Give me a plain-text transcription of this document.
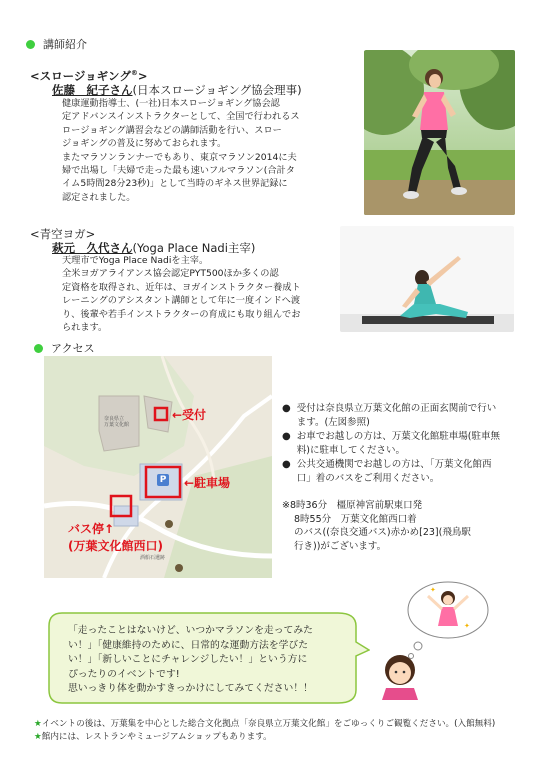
講師紹介
<スロージョギング®>
佐藤　紀子さん(日本スロージョギング協会理事)
健康運動指導士、(一社)日本スロージョギング協会認
定アドバンスインストラクターとして、全国で行われるス
ロージョギング講習会などの講師活動を行い、スロー
ジョギングの普及に努めておられます。
またマラソンランナーでもあり、東京マラソン2014に夫
婦で出場し「夫婦で走った最も速いフルマラソン(合計タ
イム5時間28分23秒)」として当時のギネス世界記録に
認定されました。
<青空ヨガ>
萩元　久代さん(Yoga Place Nadi主宰)
天理市でYoga Place Nadiを主宰。
全米ヨガアライアンス協会認定PYT500ほか多くの認
定資格を取得され、近年は、ヨガインストラクター養成ト
レーニングのアシスタント講師として年に一度インドへ渡
り、後輩や若手インストラクターの育成にも取り組んでお
られます。
アクセス
奈良県立
万葉文化館
酒船石遺跡
P
←受付
←駐車場
バス停↑
(万葉文化館西口)
● 受付は奈良県立万葉文化館の正面玄関前で行います。(左図参照)
● お車でお越しの方は、万葉文化館駐車場(駐車無料)に駐車してください。
● 公共交通機関でお越しの方は、「万葉文化館西口」着のバスをご利用ください。
※8時36分　橿原神宮前駅東口発
8時55分　万葉文化館西口着
のバス((奈良交通バス)赤かめ[23](飛鳥駅
行き))がございます。
✦
✦
「走ったことはないけど、いつかマラソンを走ってみた
い！」「健康維持のために、日常的な運動方法を学びた
い！」「新しいことにチャレンジしたい！」という方に
ぴったりのイベントです!
思いっきり体を動かすきっかけにしてみてください！！
★イベントの後は、万葉集を中心とした総合文化拠点「奈良県立万葉文化館」をごゆっくりご観覧ください。(入館無料)
★館内には、レストランやミュージアムショップもあります。
